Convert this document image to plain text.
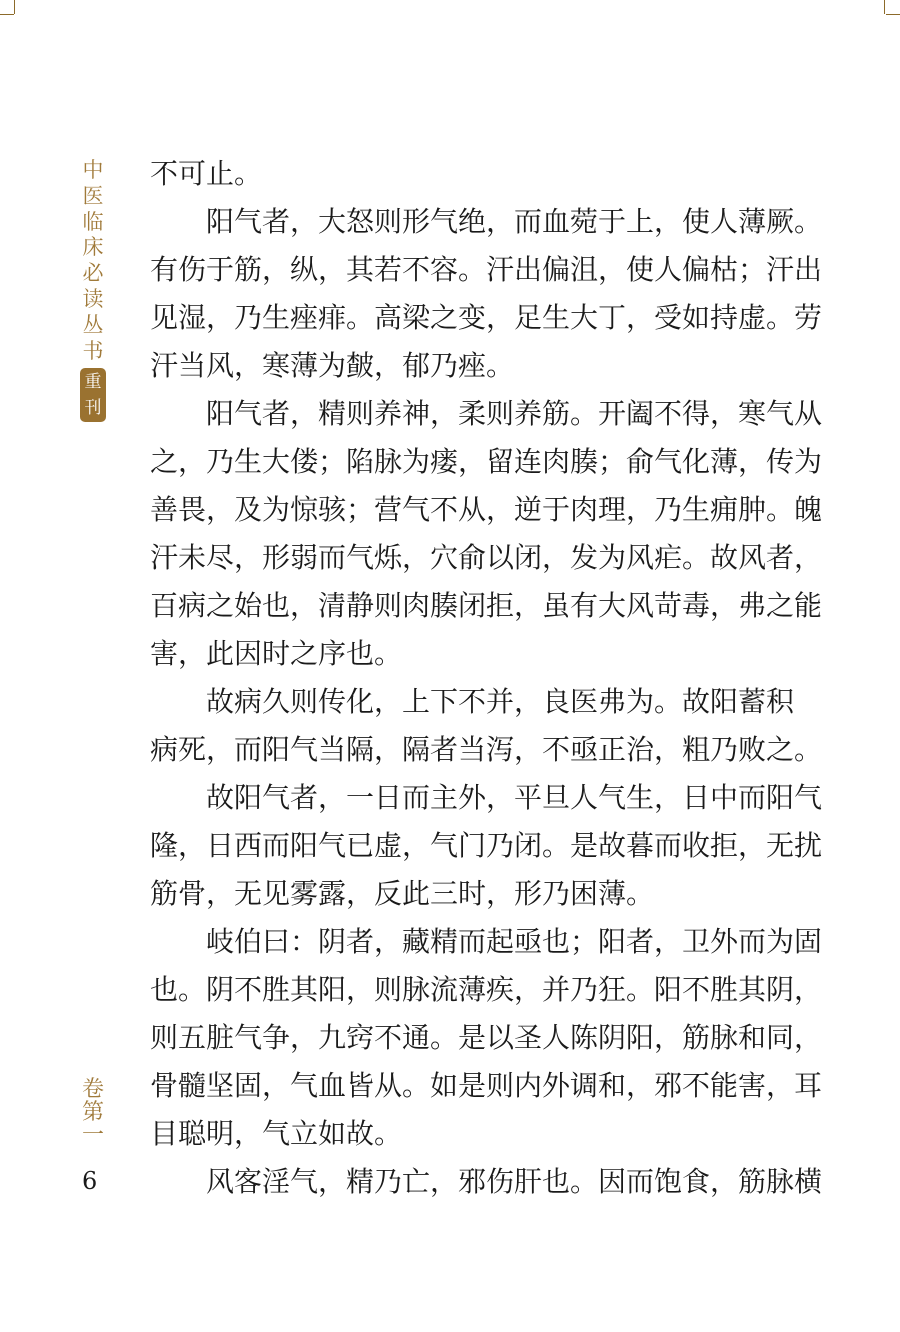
中
医
临
床
必
读
丛
书
重
刊
卷
第
一
6

不可止。

阳气者，大怒则形气绝，而血菀于上，使人薄厥。

有伤于筋，纵，其若不容。汗出偏沮，使人偏枯；汗出

见湿，乃生痤痱。高梁之变，足生大丁，受如持虚。劳

汗当风，寒薄为皶，郁乃痤。

阳气者，精则养神，柔则养筋。开阖不得，寒气从

之，乃生大偻；陷脉为瘘，留连肉腠；俞气化薄，传为

善畏，及为惊骇；营气不从，逆于肉理，乃生痈肿。魄

汗未尽，形弱而气烁，穴俞以闭，发为风疟。故风者，

百病之始也，清静则肉腠闭拒，虽有大风苛毒，弗之能

害，此因时之序也。

故病久则传化，上下不并，良医弗为。故阳蓄积

病死，而阳气当隔，隔者当泻，不亟正治，粗乃败之。

故阳气者，一日而主外，平旦人气生，日中而阳气

隆，日西而阳气已虚，气门乃闭。是故暮而收拒，无扰

筋骨，无见雾露，反此三时，形乃困薄。

岐伯曰：阴者，藏精而起亟也；阳者，卫外而为固

也。阴不胜其阳，则脉流薄疾，并乃狂。阳不胜其阴，

则五脏气争，九窍不通。是以圣人陈阴阳，筋脉和同，

骨髓坚固，气血皆从。如是则内外调和，邪不能害，耳

目聪明，气立如故。

风客淫气，精乃亡，邪伤肝也。因而饱食，筋脉横
